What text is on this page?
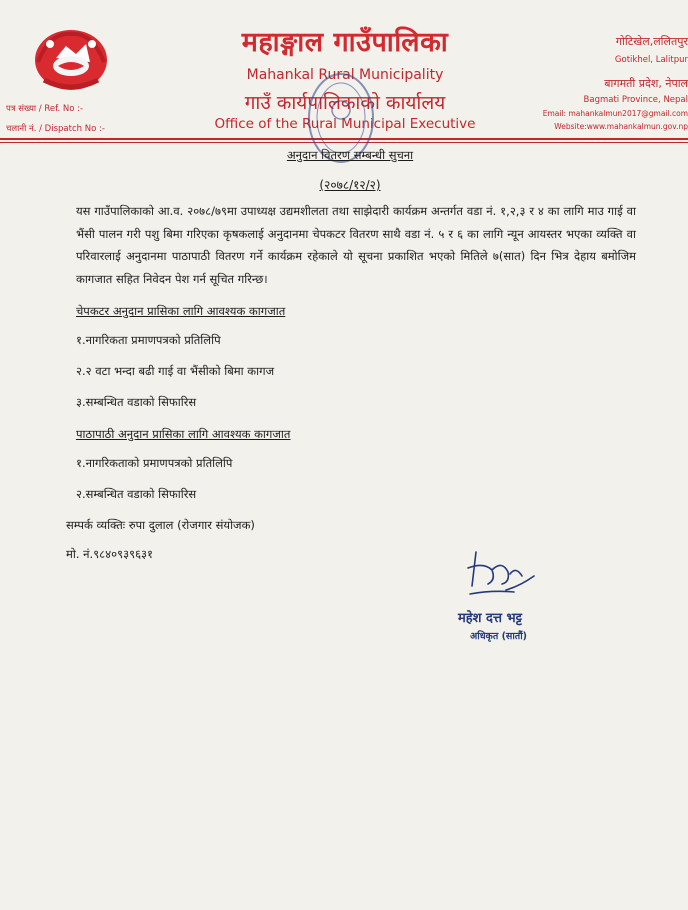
पत्र संख्या / Ref. No :-
चलानी नं. / Dispatch No :-
महाङ्गाल गाउँपालिका
Mahankal Rural Municipality
गाउँ कार्यपालिकाको कार्यालय
Office of the Rural Municipal Executive
गोटिखेल,ललितपुर
Gotikhel, Lalitpur
बागमती प्रदेश, नेपाल
Bagmati Province, Nepal
Email: mahankalmun2017@gmail.com
Website:www.mahankalmun.gov.np
अनुदान वितरण सम्बन्धी सुचना
(२०७८/१२/२)
यस गाउँपालिकाको आ.व. २०७८/७९मा उपाध्यक्ष उद्यमशीलता तथा साझेदारी कार्यक्रम अन्तर्गत वडा नं. १,२,३ र ४ का लागि माउ गाई वा भैंसी पालन गरी पशु बिमा गरिएका कृषकलाई अनुदानमा चेपकटर वितरण साथै वडा नं. ५ र ६ का लागि न्यून आयस्तर भएका व्यक्ति वा परिवारलाई अनुदानमा पाठापाठी वितरण गर्ने कार्यक्रम रहेकाले यो सूचना प्रकाशित भएको मितिले ७(सात) दिन भित्र देहाय बमोजिम कागजात सहित निवेदन पेश गर्न सूचित गरिन्छ।
चेपकटर अनुदान प्रासिका लागि आवश्यक कागजात
१.नागरिकता प्रमाणपत्रको प्रतिलिपि
२.२ वटा भन्दा बढी गाई वा भैंसीको बिमा कागज
३.सम्बन्धित वडाको सिफारिस
पाठापाठी अनुदान प्रासिका लागि आवश्यक कागजात
१.नागरिकताको प्रमाणपत्रको प्रतिलिपि
२.सम्बन्धित वडाको सिफारिस
सम्पर्क व्यक्तिः रुपा दुलाल (रोजगार संयोजक)
मो. नं.९८४०९३९६३१
महेश दत्त भट्ट
अधिकृत (सातौं)
